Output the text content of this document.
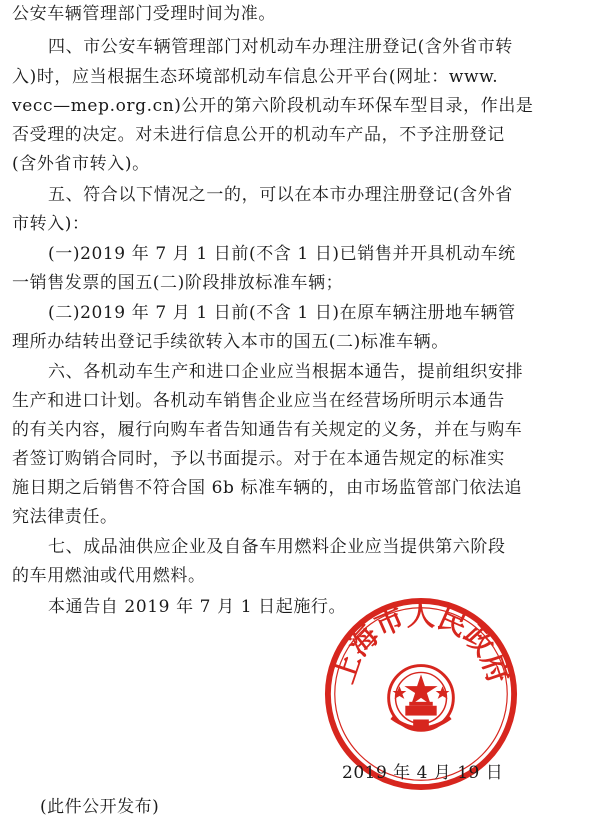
公安车辆管理部门受理时间为准。
四、市公安车辆管理部门对机动车办理注册登记(含外省市转
入)时，应当根据生态环境部机动车信息公开平台(网址：www.
vecc—mep.org.cn)公开的第六阶段机动车环保车型目录，作出是
否受理的决定。对未进行信息公开的机动车产品，不予注册登记
(含外省市转入)。
五、符合以下情况之一的，可以在本市办理注册登记(含外省
市转入)：
(一)2019 年 7 月 1 日前(不含 1 日)已销售并开具机动车统
一销售发票的国五(二)阶段排放标准车辆；
(二)2019 年 7 月 1 日前(不含 1 日)在原车辆注册地车辆管
理所办结转出登记手续欲转入本市的国五(二)标准车辆。
六、各机动车生产和进口企业应当根据本通告，提前组织安排
生产和进口计划。各机动车销售企业应当在经营场所明示本通告
的有关内容，履行向购车者告知通告有关规定的义务，并在与购车
者签订购销合同时，予以书面提示。对于在本通告规定的标准实
施日期之后销售不符合国 6b 标准车辆的，由市场监管部门依法追
究法律责任。
七、成品油供应企业及自备车用燃料企业应当提供第六阶段
的车用燃油或代用燃料。
本通告自 2019 年 7 月 1 日起施行。
上海市人民政府
2019 年 4 月 19 日
(此件公开发布)
